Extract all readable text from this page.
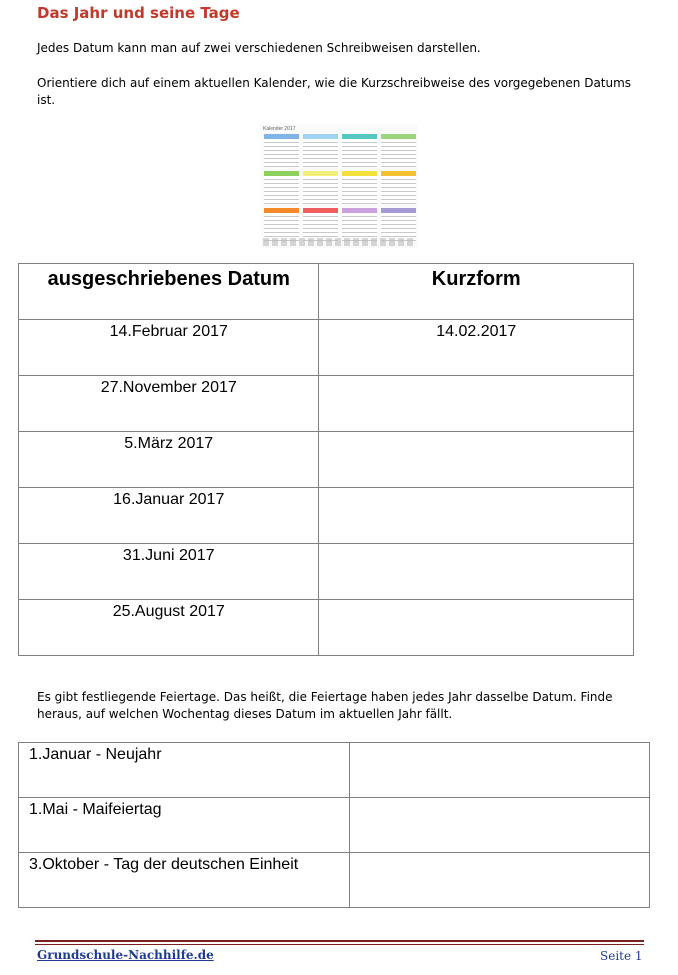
Das Jahr und seine Tage
Jedes Datum kann man auf zwei verschiedenen Schreibweisen darstellen.
Orientiere dich auf einem aktuellen Kalender, wie die Kurzschreibweise des vorgegebenen Datums
ist.
Kalender 2017
ausgeschriebenes Datum	Kurzform
14.Februar 2017	14.02.2017
27.November 2017	
5.März 2017	
16.Januar 2017	
31.Juni 2017	
25.August 2017	
Es gibt festliegende Feiertage. Das heißt, die Feiertage haben jedes Jahr dasselbe Datum. Finde
heraus, auf welchen Wochentag dieses Datum im aktuellen Jahr fällt.
1.Januar - Neujahr	
1.Mai - Maifeiertag	
3.Oktober - Tag der deutschen Einheit	
Grundschule-Nachhilfe.de	Seite 1
